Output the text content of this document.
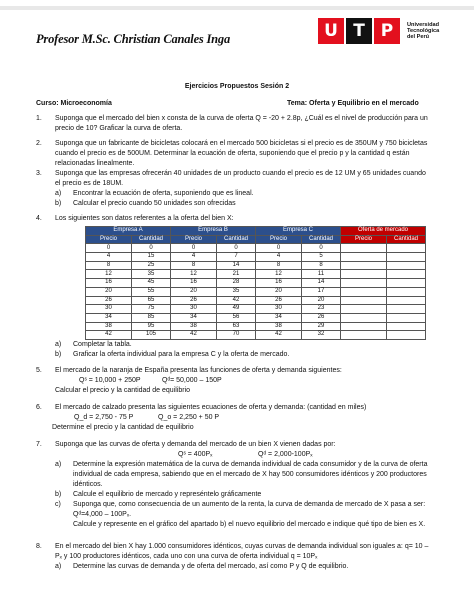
Profesor M.Sc. Christian Canales Inga	U T P	Universidad
Tecnológica
del Perú
Ejercicios Propuestos Sesión 2
Curso: Microeconomía	Tema: Oferta y Equilibrio en el mercado
1. Suponga que el mercado del bien x consta de la curva de oferta Q = -20 + 2.8p, ¿Cuál es el nivel de producción para un
precio de 10? Graficar la curva de oferta.
2. Suponga que un fabricante de bicicletas colocará en el mercado 500 bicicletas si el precio es de 350UM y 750 bicicletas
cuando el precio es de 500UM. Determinar la ecuación de oferta, suponiendo que el precio p y la cantidad q están
relacionadas linealmente.
3. Suponga que las empresas ofrecerán 40 unidades de un producto cuando el precio es de 12 UM y 65 unidades cuando
el precio es de 18UM.
a) Encontrar la ecuación de oferta, suponiendo que es lineal.
b) Calcular el precio cuando 50 unidades son ofrecidas
4. Los siguientes son datos referentes a la oferta del bien X:
Empresa A		Empresa B		Empresa C		Oferta de mercado	
Precio	Cantidad	Precio	Cantidad	Precio	Cantidad	Precio	Cantidad
0	0	0	0	0	0		
4	15	4	7	4	5		
8	25	8	14	8	8		
12	35	12	21	12	11		
16	45	16	28	16	14		
20	55	20	35	20	17		
26	65	26	42	26	20		
30	75	30	49	30	23		
34	85	34	56	34	26		
38	95	38	63	38	29		
42	105	42	70	42	32		
a) Completar la tabla.
b) Graficar la oferta individual para la empresa C y la oferta de mercado.
5. El mercado de la naranja de España presenta las funciones de oferta y demanda siguientes:
Qˢ = 10,000 + 250P	Qᵈ= 50,000 – 150P
Calcular el precio y la cantidad de equilibrio
6. El mercado de calzado presenta las siguientes ecuaciones de oferta y demanda: (cantidad en miles)
Q_d = 2,750 - 75 P	Q_o = 2,250 + 50 P
Determine el precio y la cantidad de equilibrio
7. Suponga que las curvas de oferta y demanda del mercado de un bien X vienen dadas por:
Qˢ = 400Pₓ	Qᵈ = 2,000-100Pₓ
a) Determine la expresión matemática de la curva de demanda individual de cada consumidor y de la curva de oferta
individual de cada empresa, sabiendo que en el mercado de X hay 500 consumidores idénticos y 200 productores
idénticos.
b) Calcule el equilibrio de mercado y represéntelo gráficamente
c) Suponga que, como consecuencia de un aumento de la renta, la curva de demanda de mercado de X pasa a ser:
Qᵈ=4,000 – 100Pₓ.
Calcule y represente en el gráfico del apartado b) el nuevo equilibrio del mercado e indique qué tipo de bien es X.
8. En el mercado del bien X hay 1.000 consumidores idénticos, cuyas curvas de demanda individual son iguales a: q= 10 –
Pₓ y 100 productores idénticos, cada uno con una curva de oferta individual q = 10Pₓ
a) Determine las curvas de demanda y de oferta del mercado, así como P y Q de equilibrio.
